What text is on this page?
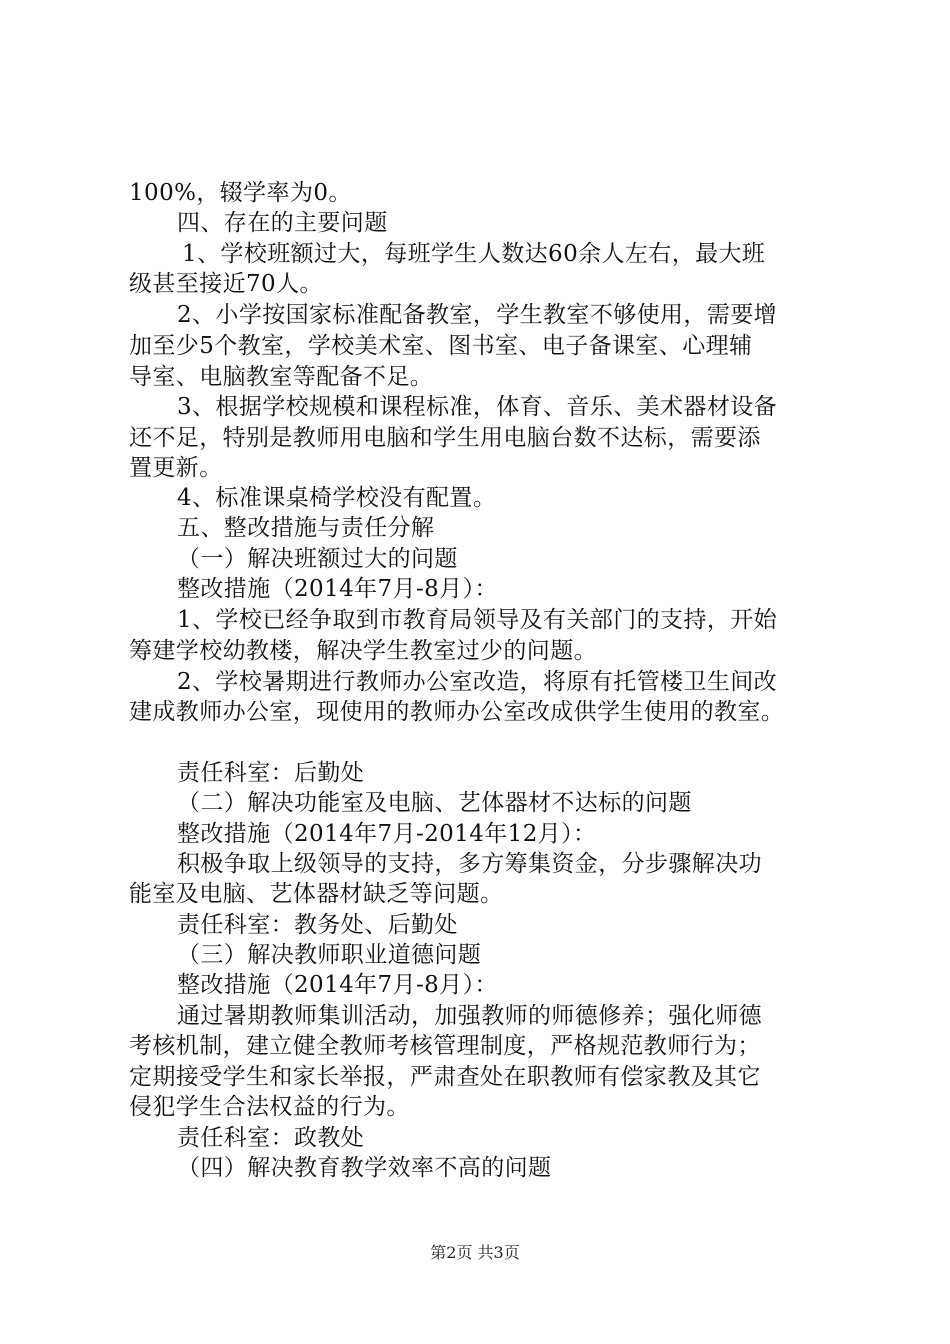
100%，辍学率为0。
四、存在的主要问题
1、学校班额过大，每班学生人数达60余人左右，最大班
级甚至接近70人。
2、小学按国家标准配备教室，学生教室不够使用，需要增
加至少5个教室，学校美术室、图书室、电子备课室、心理辅
导室、电脑教室等配备不足。
3、根据学校规模和课程标准，体育、音乐、美术器材设备
还不足，特别是教师用电脑和学生用电脑台数不达标，需要添
置更新。
4、标准课桌椅学校没有配置。
五、整改措施与责任分解
（一）解决班额过大的问题
整改措施（2014年7月-8月）：
1、学校已经争取到市教育局领导及有关部门的支持，开始
筹建学校幼教楼，解决学生教室过少的问题。
2、学校暑期进行教师办公室改造，将原有托管楼卫生间改
建成教师办公室，现使用的教师办公室改成供学生使用的教室。
责任科室：后勤处
（二）解决功能室及电脑、艺体器材不达标的问题
整改措施（2014年7月-2014年12月）：
积极争取上级领导的支持，多方筹集资金，分步骤解决功
能室及电脑、艺体器材缺乏等问题。
责任科室：教务处、后勤处
（三）解决教师职业道德问题
整改措施（2014年7月-8月）：
通过暑期教师集训活动，加强教师的师德修养；强化师德
考核机制，建立健全教师考核管理制度，严格规范教师行为；
定期接受学生和家长举报，严肃查处在职教师有偿家教及其它
侵犯学生合法权益的行为。
责任科室：政教处
（四）解决教育教学效率不高的问题
第2页 共3页
